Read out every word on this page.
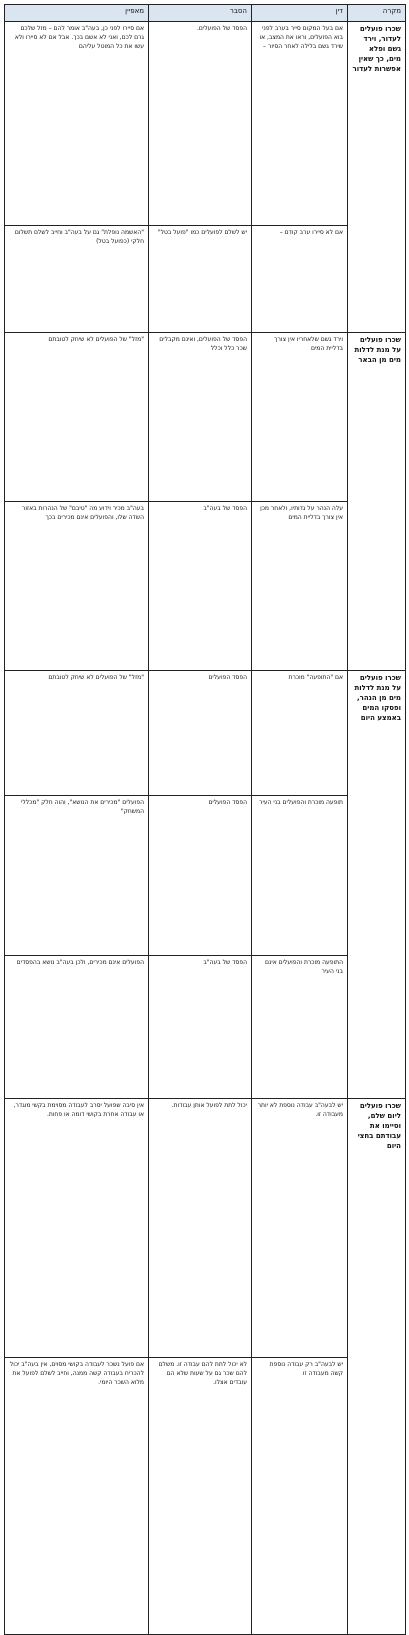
מקרה	דין	הסבר	מאפיין	
שכרו פועלים לעדור, וירד גשם ופלא מים, כך שאין אפשרות לעדור	אם בעל המקום סייר בערב לפני בוא הפועלים, וראו את המצב, או שירד גשם בלילה לאחר הסיור –	הפסד של הפועלים.	אם סיירו לפני כן, בעה"ב אומר להם – מזל שלכם גרם לכם, ואני לא אשם בכך. אבל אם לא סיירו ולא עשו את כל המוטל עליהם	
	אם לא סיירו ערב קודם –	יש לשלם לפועלים כמו "פועל בטל"	"האשמה נופלת" גם על בעה"ב וחייב לשלם תשלום חלקי (כפועל בטל)	
שכרו פועלים על מנת לדלות מים מן הבאר	וירד גשם שלאחריו אין צורך בדליית המים	הפסד של הפועלים, ואינם מקבלים שכר כלל וכלל	"מזל" של הפועלים לא שיחק לטובתם	
	עלה הנהר על גדותיו, ולאחר מכן אין צורך בדליית המים	הפסד של בעה"ב	בעה"ב מכיר וידוע מה "טיבם" של הנהרות באזור השדה שלו, והפועלים אינם מכירים בכך	
שכרו פועלים על מנת לדלות מים מן הנהר, ופסקו המים באמצע היום	אם "התופעה" מוכרת	הפסד הפועלים	"מזל" של הפועלים לא שיחק לטובתם	
	תופעה מוכרת והפועלים בני העיר	הפסד הפועלים	הפועלים "מכירים את הנושא", והוה חלק "מכללי המשחק"	
	התופעה מוכרת והפועלים אינם בני העיר	הפסד של בעה"ב	הפועלים אינם מכירים, ולכן בעה"ב נושא בהפסדים	
שכרו פועלים ליום שלם, וסיימו את עבודתם בחצי היום	יש לבעה"ב עבודה נוספת לא יותר מעבודה זו.	יכול לתת לפועל אותן עבודות.	אין סיבה שפועל יסרב לעבודה מסוימת בקשי מוגדר, או עבודה אחרת בקושי דומה או פחות.	
	יש לבעה"ב רק עבודה נוספת קשה מעבודה זו	לא יכול לתת להם עבודה זו. משלם להם שכר גם על שעות שלא הם עובדים אצלו.	אם פועל נשכר לעבודה בקושי מסוים, אין בעה"ב יכול להכריח בעבודה קשה ממנה, וחייב לשלם לפועל את מלוא השכר היומי.	
